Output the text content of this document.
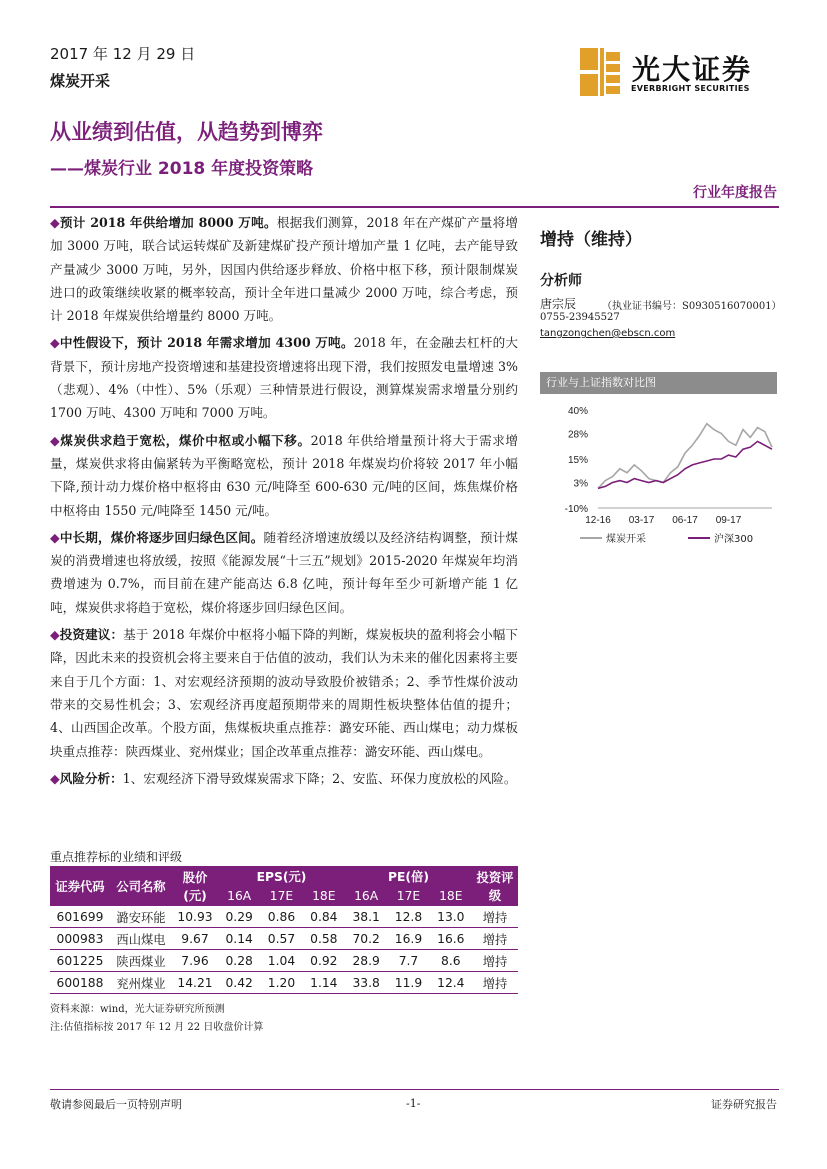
2017 年 12 月 29 日
煤炭开采
从业绩到估值，从趋势到博弈
——煤炭行业 2018 年度投资策略
行业年度报告
光大证券
EVERBRIGHT SECURITIES

◆预计 2018 年供给增加 8000 万吨。根据我们测算，2018 年在产煤矿产量将增加 3000 万吨，联合试运转煤矿及新建煤矿投产预计增加产量 1 亿吨，去产能导致产量减少 3000 万吨，另外，因国内供给逐步释放、价格中枢下移，预计限制煤炭进口的政策继续收紧的概率较高，预计全年进口量减少 2000 万吨，综合考虑，预计 2018 年煤炭供给增量约 8000 万吨。

◆中性假设下，预计 2018 年需求增加 4300 万吨。2018 年，在金融去杠杆的大背景下，预计房地产投资增速和基建投资增速将出现下滑，我们按照发电量增速 3%（悲观）、4%（中性）、5%（乐观）三种情景进行假设，测算煤炭需求增量分别约 1700 万吨、4300 万吨和 7000 万吨。

◆煤炭供求趋于宽松，煤价中枢或小幅下移。2018 年供给增量预计将大于需求增量，煤炭供求将由偏紧转为平衡略宽松，预计 2018 年煤炭均价将较 2017 年小幅下降,预计动力煤价格中枢将由 630 元/吨降至 600-630 元/吨的区间，炼焦煤价格中枢将由 1550 元/吨降至 1450 元/吨。

◆中长期，煤价将逐步回归绿色区间。随着经济增速放缓以及经济结构调整，预计煤炭的消费增速也将放缓，按照《能源发展“十三五”规划》2015-2020 年煤炭年均消费增速为 0.7%，而目前在建产能高达 6.8 亿吨，预计每年至少可新增产能 1 亿吨，煤炭供求将趋于宽松，煤价将逐步回归绿色区间。

◆投资建议：基于 2018 年煤价中枢将小幅下降的判断，煤炭板块的盈利将会小幅下降，因此未来的投资机会将主要来自于估值的波动，我们认为未来的催化因素将主要来自于几个方面：1、对宏观经济预期的波动导致股价被错杀；2、季节性煤价波动带来的交易性机会；3、宏观经济再度超预期带来的周期性板块整体估值的提升；4、山西国企改革。个股方面，焦煤板块重点推荐：潞安环能、西山煤电；动力煤板块重点推荐：陕西煤业、兖州煤业；国企改革重点推荐：潞安环能、西山煤电。

◆风险分析：1、宏观经济下滑导致煤炭需求下降；2、安监、环保力度放松的风险。

增持（维持）
分析师
唐宗辰	（执业证书编号：S0930516070001）
0755-23945527
tangzongchen@ebscn.com
行业与上证指数对比图
40%
28%
15%
3%
-10%
12-16 03-17 06-17 09-17
煤炭开采	沪深300
重点推荐标的业绩和评级
证券代码	公司名称	股价(元)	EPS(元)			PE(倍)			投资评级
			16A	17E	18E	16A	17E	18E	
601699	潞安环能	10.93	0.29	0.86	0.84	38.1	12.8	13.0	增持
000983	西山煤电	9.67	0.14	0.57	0.58	70.2	16.9	16.6	增持
601225	陕西煤业	7.96	0.28	1.04	0.92	28.9	7.7	8.6	增持
600188	兖州煤业	14.21	0.42	1.20	1.14	33.8	11.9	12.4	增持
资料来源：wind，光大证券研究所预测
注:估值指标按 2017 年 12 月 22 日收盘价计算
敬请参阅最后一页特别声明	-1-	证券研究报告
